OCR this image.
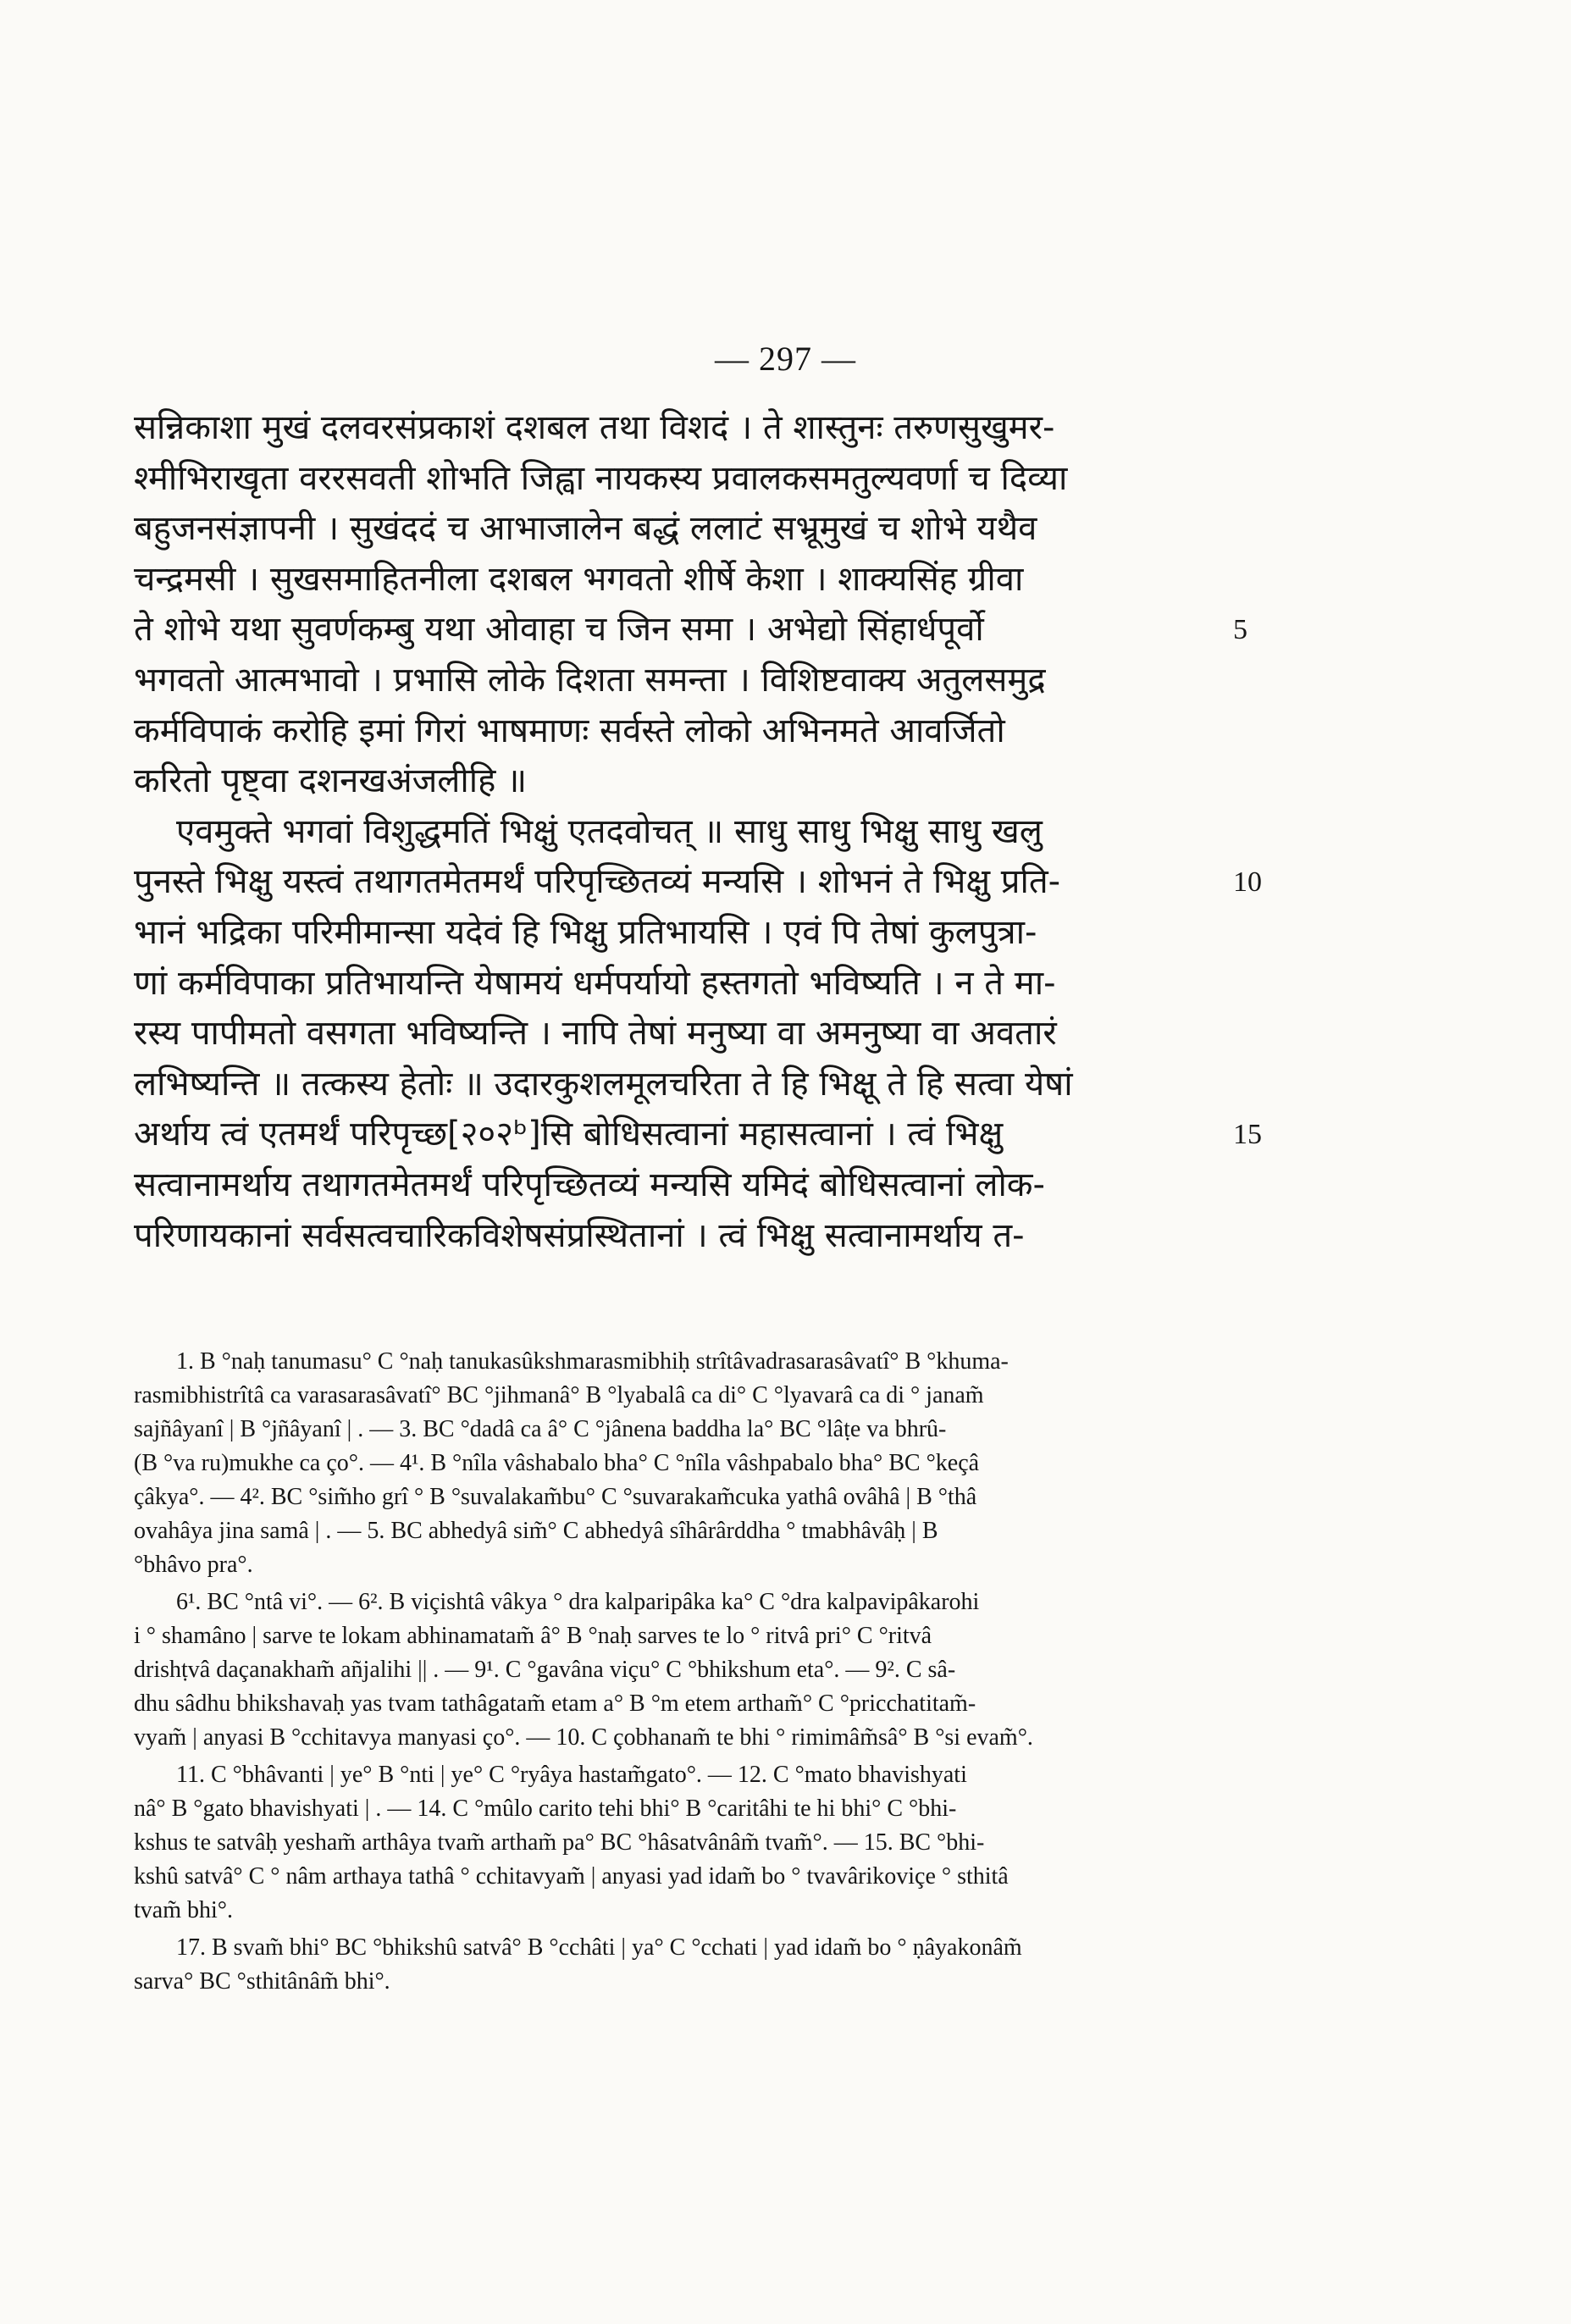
— 297 —
सन्निकाशा मुखं दलवरसंप्रकाशं दशबल तथा विशदं । ते शास्तुनः तरुणसुखुमर-
श्मीभिराखृता वररसवती शोभति जिह्वा नायकस्य प्रवालकसमतुल्यवर्णा च दिव्या
बहुजनसंज्ञापनी । सुखंददं च आभाजालेन बद्धं ललाटं सभ्रूमुखं च शोभे यथैव
चन्द्रमसी । सुखसमाहितनीला दशबल भगवतो शीर्षे केशा । शाक्यसिंह ग्रीवा
ते शोभे यथा सुवर्णकम्बु यथा ओवाहा च जिन समा । अभेद्यो सिंहार्धपूर्वो	5
भगवतो आत्मभावो । प्रभासि लोके दिशता समन्ता । विशिष्टवाक्य अतुलसमुद्र
कर्मविपाकं करोहि इमां गिरां भाषमाणः सर्वस्ते लोको अभिनमते आवर्जितो
करितो पृष्ट्वा दशनखअंजलीहि ॥
एवमुक्ते भगवां विशुद्धमतिं भिक्षुं एतदवोचत् ॥ साधु साधु भिक्षु साधु खलु
पुनस्ते भिक्षु यस्त्वं तथागतमेतमर्थं परिपृच्छितव्यं मन्यसि । शोभनं ते भिक्षु प्रति-	10
भानं भद्रिका परिमीमान्सा यदेवं हि भिक्षु प्रतिभायसि । एवं पि तेषां कुलपुत्रा-
णां कर्मविपाका प्रतिभायन्ति येषामयं धर्मपर्यायो हस्तगतो भविष्यति । न ते मा-
रस्य पापीमतो वसगता भविष्यन्ति । नापि तेषां मनुष्या वा अमनुष्या वा अवतारं
लभिष्यन्ति ॥ तत्कस्य हेतोः ॥ उदारकुशलमूलचरिता ते हि भिक्षू ते हि सत्वा येषां
अर्थाय त्वं एतमर्थं परिपृच्छ[२०२ᵇ]सि बोधिसत्वानां महासत्वानां । त्वं भिक्षु	15
सत्वानामर्थाय तथागतमेतमर्थं परिपृच्छितव्यं मन्यसि यमिदं बोधिसत्वानां लोक-
परिणायकानां सर्वसत्वचारिकविशेषसंप्रस्थितानां । त्वं भिक्षु सत्वानामर्थाय त-
1. B °naḥ tanumasu° C °naḥ tanukasûkshmarasmibhiḥ strîtâvadrasarasâvatî° B °khuma-
rasmibhistrîtâ ca varasarasâvatî° BC °jihmanâ° B °lyabalâ ca di° C °lyavarâ ca di ° janam̃
sajñâyanî | B °jñâyanî | . — 3. BC °dadâ ca â° C °jânena baddha la° BC °lâṭe va bhrû-
(B °va ru)mukhe ca ço°. — 4¹. B °nîla vâshabalo bha° C °nîla vâshpabalo bha° BC °keçâ
çâkya°. — 4². BC °sim̃ho grî ° B °suvalakam̃bu° C °suvarakam̃cuka yathâ ovâhâ | B °thâ
ovahâya jina samâ | . — 5. BC abhedyâ sim̃° C abhedyâ sîhârârddha ° tmabhâvâḥ | B
°bhâvo pra°.
6¹. BC °ntâ vi°. — 6². B viçishtâ vâkya ° dra kalparipâka ka° C °dra kalpavipâkarohi
i ° shamâno | sarve te lokam abhinamatam̃ â° B °naḥ sarves te lo ° ritvâ pri° C °ritvâ
drishṭvâ daçanakham̃ añjalihi || . — 9¹. C °gavâna viçu° C °bhikshum eta°. — 9². C sâ-
dhu sâdhu bhikshavaḥ yas tvam tathâgatam̃ etam a° B °m etem artham̃° C °pricchatitam̃-
vyam̃ | anyasi B °cchitavya manyasi ço°. — 10. C çobhanam̃ te bhi ° rimimâm̃sâ° B °si evam̃°.
11. C °bhâvanti | ye° B °nti | ye° C °ryâya hastam̃gato°. — 12. C °mato bhavishyati
nâ° B °gato bhavishyati | . — 14. C °mûlo carito tehi bhi° B °caritâhi te hi bhi° C °bhi-
kshus te satvâḥ yesham̃ arthâya tvam̃ artham̃ pa° BC °hâsatvânâm̃ tvam̃°. — 15. BC °bhi-
kshû satvâ° C ° nâm arthaya tathâ ° cchitavyam̃ | anyasi yad idam̃ bo ° tvavârikoviçe ° sthitâ
tvam̃ bhi°.
17. B svam̃ bhi° BC °bhikshû satvâ° B °cchâti | ya° C °cchati | yad idam̃ bo ° ṇâyakonâm̃
sarva° BC °sthitânâm̃ bhi°.
